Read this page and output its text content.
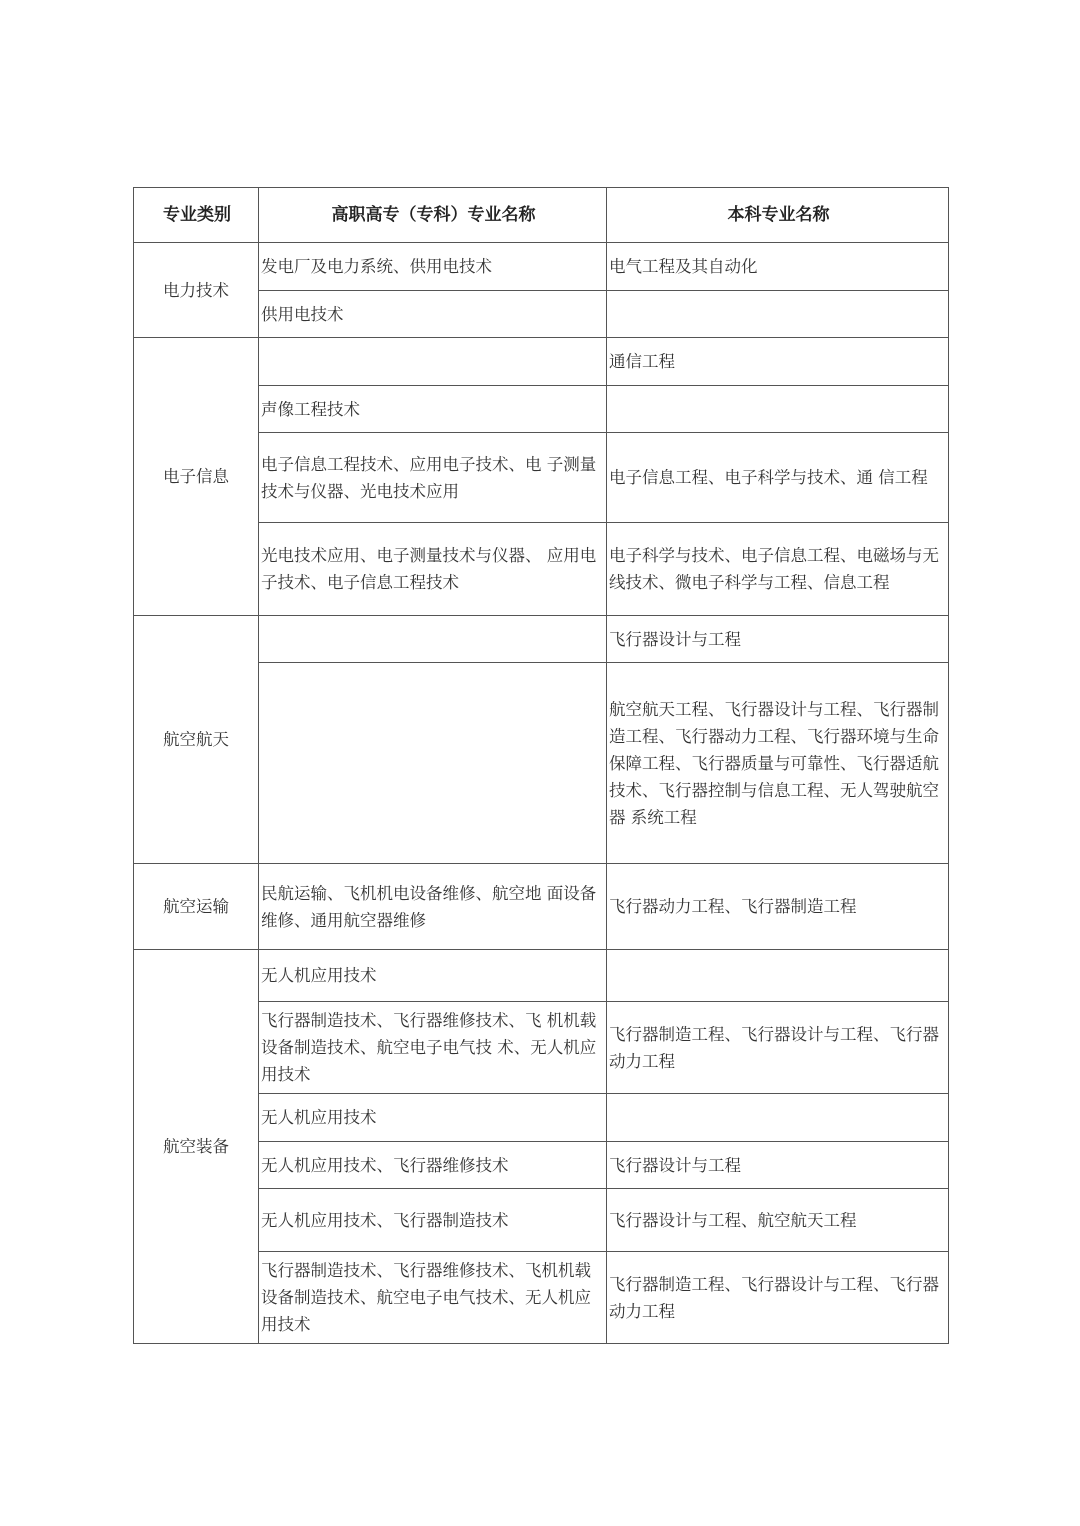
专业类别	高职高专（专科）专业名称	本科专业名称
电力技术	发电厂及电力系统、供用电技术	电气工程及其自动化
	供用电技术	
电子信息		通信工程
	声像工程技术	
	电子信息工程技术、应用电子技术、电 子测量技术与仪器、光电技术应用	电子信息工程、电子科学与技术、通 信工程
	光电技术应用、电子测量技术与仪器、 应用电子技术、电子信息工程技术	电子科学与技术、电子信息工程、电磁场与无线技术、微电子科学与工程、信息工程
航空航天		飞行器设计与工程
		航空航天工程、飞行器设计与工程、飞行器制造工程、飞行器动力工程、飞行器环境与生命保障工程、飞行器质量与可靠性、飞行器适航技术、飞行器控制与信息工程、无人驾驶航空器 系统工程
航空运输	民航运输、飞机机电设备维修、航空地 面设备维修、通用航空器维修	飞行器动力工程、飞行器制造工程
航空装备	无人机应用技术	
	飞行器制造技术、飞行器维修技术、飞 机机载设备制造技术、航空电子电气技 术、无人机应用技术	飞行器制造工程、飞行器设计与工程、飞行器动力工程
	无人机应用技术	
	无人机应用技术、飞行器维修技术	飞行器设计与工程
	无人机应用技术、飞行器制造技术	飞行器设计与工程、航空航天工程
	飞行器制造技术、飞行器维修技术、飞机机载设备制造技术、航空电子电气技术、无人机应用技术	飞行器制造工程、飞行器设计与工程、飞行器动力工程
